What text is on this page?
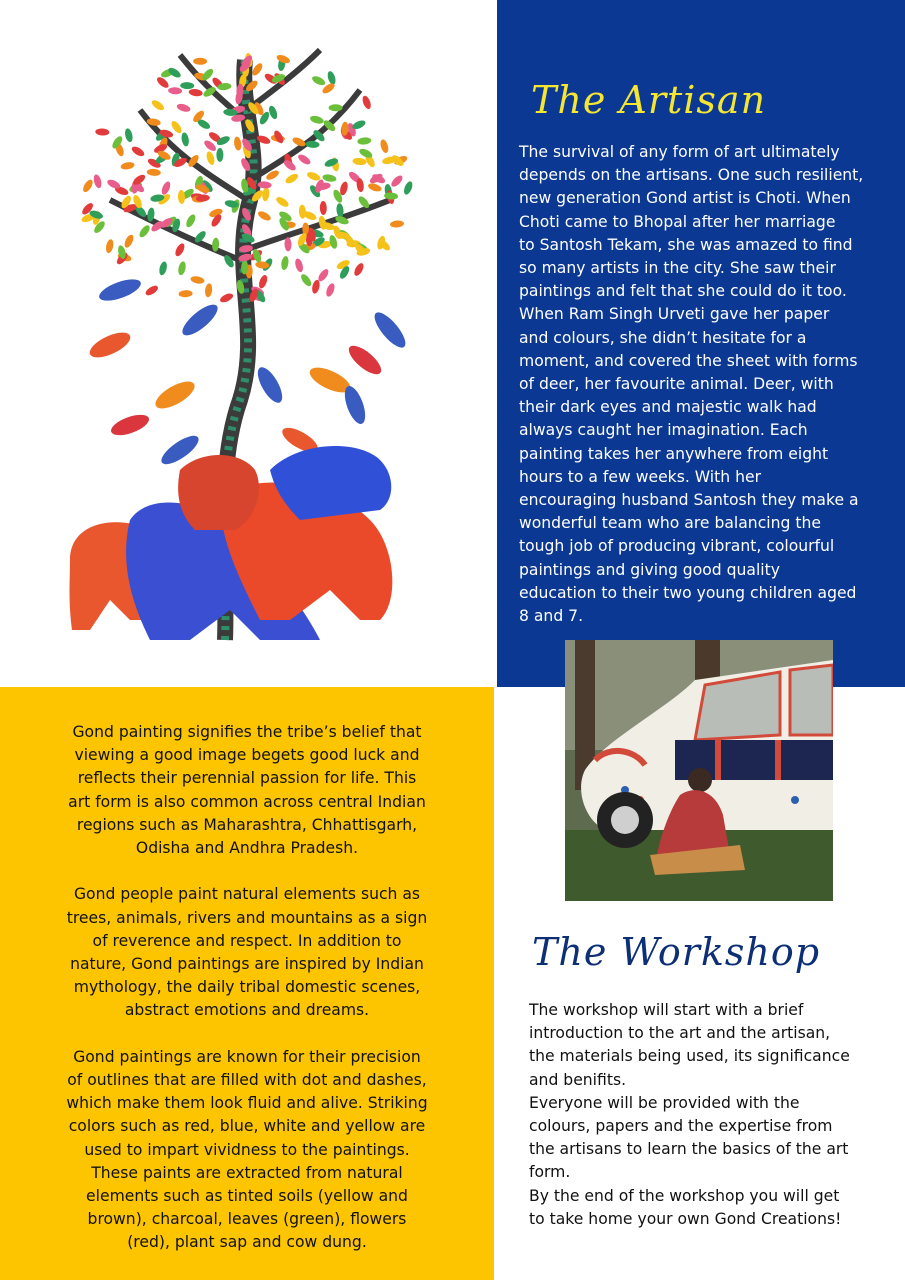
The Artisan
The survival of any form of art ultimately
depends on the artisans. One such resilient,
new generation Gond artist is Choti. When
Choti came to Bhopal after her marriage
to Santosh Tekam, she was amazed to find
so many artists in the city. She saw their
paintings and felt that she could do it too.
When Ram Singh Urveti gave her paper
and colours, she didn’t hesitate for a
moment, and covered the sheet with forms
of deer, her favourite animal. Deer, with
their dark eyes and majestic walk had
always caught her imagination. Each
painting takes her anywhere from eight
hours to a few weeks. With her
encouraging husband Santosh they make a
wonderful team who are balancing the
tough job of producing vibrant, colourful
paintings and giving good quality
education to their two young children aged
8 and 7.
Gond painting signifies the tribe’s belief that
viewing a good image begets good luck and
reflects their perennial passion for life. This
art form is also common across central Indian
regions such as Maharashtra, Chhattisgarh,
Odisha and Andhra Pradesh.

Gond people paint natural elements such as
trees, animals, rivers and mountains as a sign
of reverence and respect. In addition to
nature, Gond paintings are inspired by Indian
mythology, the daily tribal domestic scenes,
abstract emotions and dreams.

Gond paintings are known for their precision
of outlines that are filled with dot and dashes,
which make them look fluid and alive. Striking
colors such as red, blue, white and yellow are
used to impart vividness to the paintings.
These paints are extracted from natural
elements such as tinted soils (yellow and
brown), charcoal, leaves (green), flowers
(red), plant sap and cow dung.
The Workshop
The workshop will start with a brief
introduction to the art and the artisan,
the materials being used, its significance
and benifits.
Everyone will be provided with the
colours, papers and the expertise from
the artisans to learn the basics of the art
form.
By the end of the workshop you will get
to take home your own Gond Creations!
